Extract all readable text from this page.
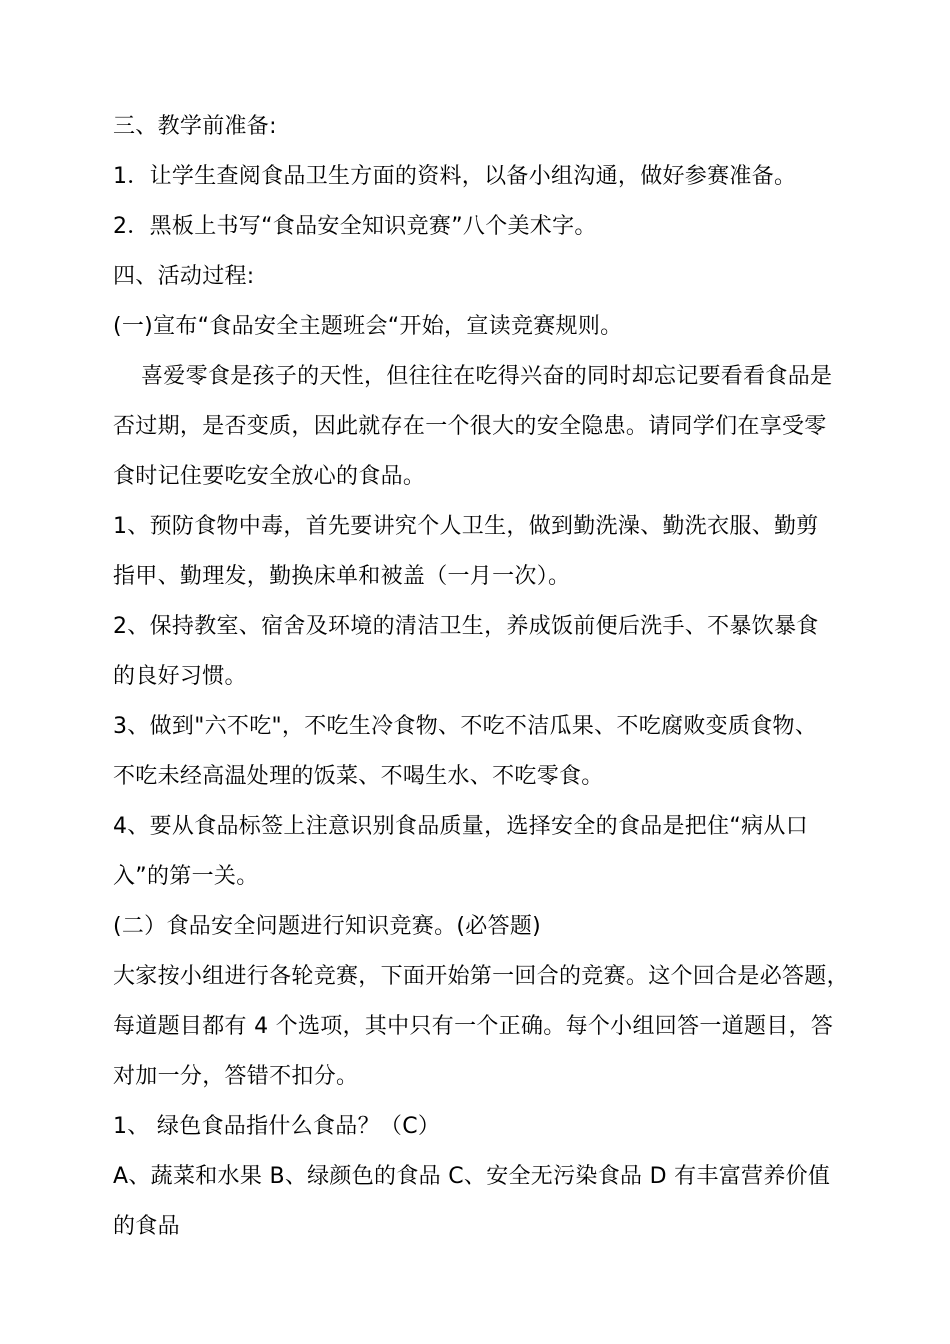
三、教学前准备:
1．让学生查阅食品卫生方面的资料，以备小组沟通，做好参赛准备。
2．黑板上书写“食品安全知识竞赛”八个美术字。
四、活动过程:
(一)宣布“食品安全主题班会“开始，宣读竞赛规则。
喜爱零食是孩子的天性，但往往在吃得兴奋的同时却忘记要看看食品是
否过期，是否变质，因此就存在一个很大的安全隐患。请同学们在享受零
食时记住要吃安全放心的食品。
1、预防食物中毒，首先要讲究个人卫生，做到勤洗澡、勤洗衣服、勤剪
指甲、勤理发，勤换床单和被盖（一月一次）。
2、保持教室、宿舍及环境的清洁卫生，养成饭前便后洗手、不暴饮暴食
的良好习惯。
3、做到"六不吃"，不吃生冷食物、不吃不洁瓜果、不吃腐败变质食物、
不吃未经高温处理的饭菜、不喝生水、不吃零食。
4、要从食品标签上注意识别食品质量，选择安全的食品是把住“病从口
入”的第一关。
(二）食品安全问题进行知识竞赛。(必答题)
大家按小组进行各轮竞赛，下面开始第一回合的竞赛。这个回合是必答题，
每道题目都有 4 个选项，其中只有一个正确。每个小组回答一道题目，答
对加一分，答错不扣分。
1、 绿色食品指什么食品？（C）
A、蔬菜和水果 B、绿颜色的食品 C、安全无污染食品 D 有丰富营养价值
的食品
